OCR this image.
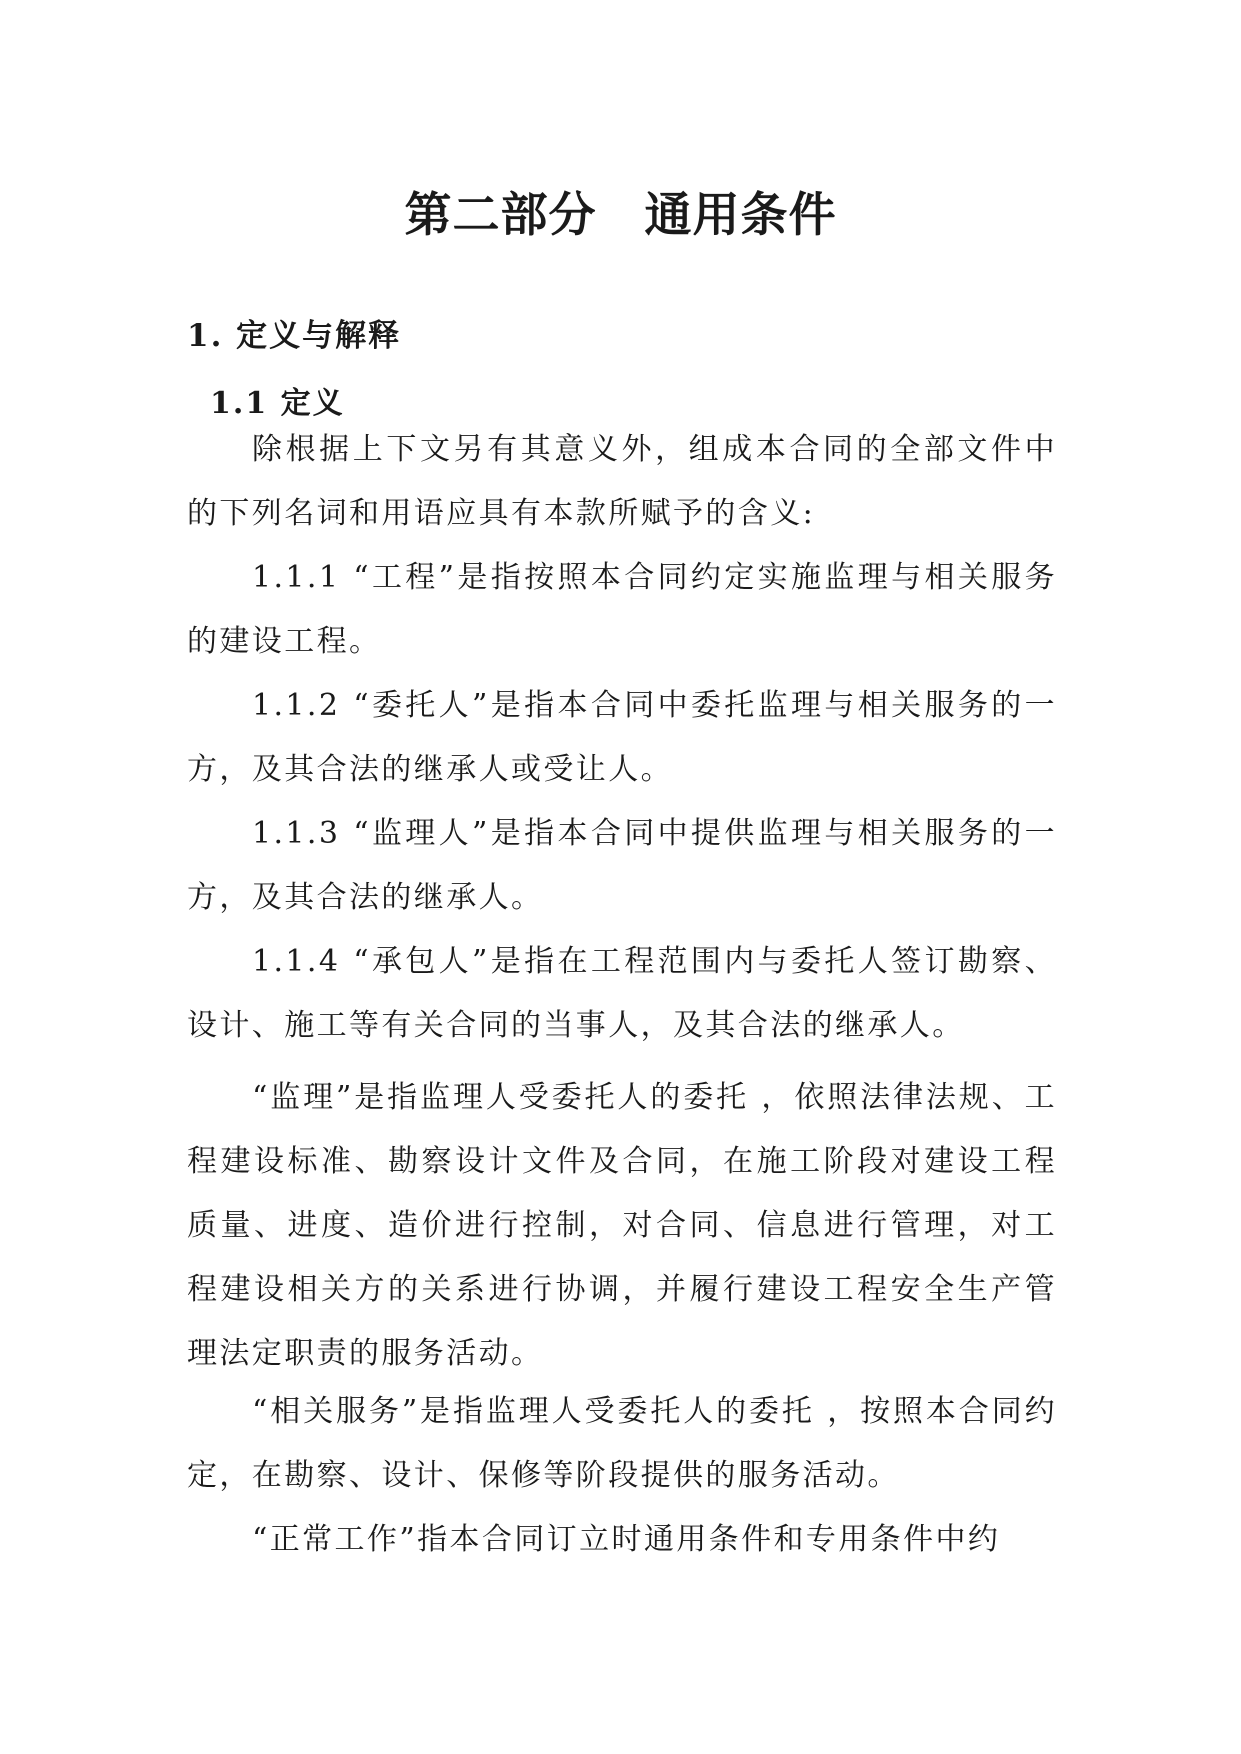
第二部分　通用条件
1. 定义与解释
1.1 定义

除根据上下文另有其意义外，组成本合同的全部文件中的下列名词和用语应具有本款所赋予的含义:

1.1.1 “工程”是指按照本合同约定实施监理与相关服务的建设工程。

1.1.2 “委托人”是指本合同中委托监理与相关服务的一方，及其合法的继承人或受让人。

1.1.3 “监理人”是指本合同中提供监理与相关服务的一方，及其合法的继承人。

1.1.4 “承包人”是指在工程范围内与委托人签订勘察、设计、施工等有关合同的当事人，及其合法的继承人。

“监理”是指监理人受委托人的委托 ，依照法律法规、工程建设标准、勘察设计文件及合同，在施工阶段对建设工程质量、进度、造价进行控制，对合同、信息进行管理，对工程建设相关方的关系进行协调，并履行建设工程安全生产管理法定职责的服务活动。

“相关服务”是指监理人受委托人的委托 ，按照本合同约定，在勘察、设计、保修等阶段提供的服务活动。

“正常工作”指本合同订立时通用条件和专用条件中约
